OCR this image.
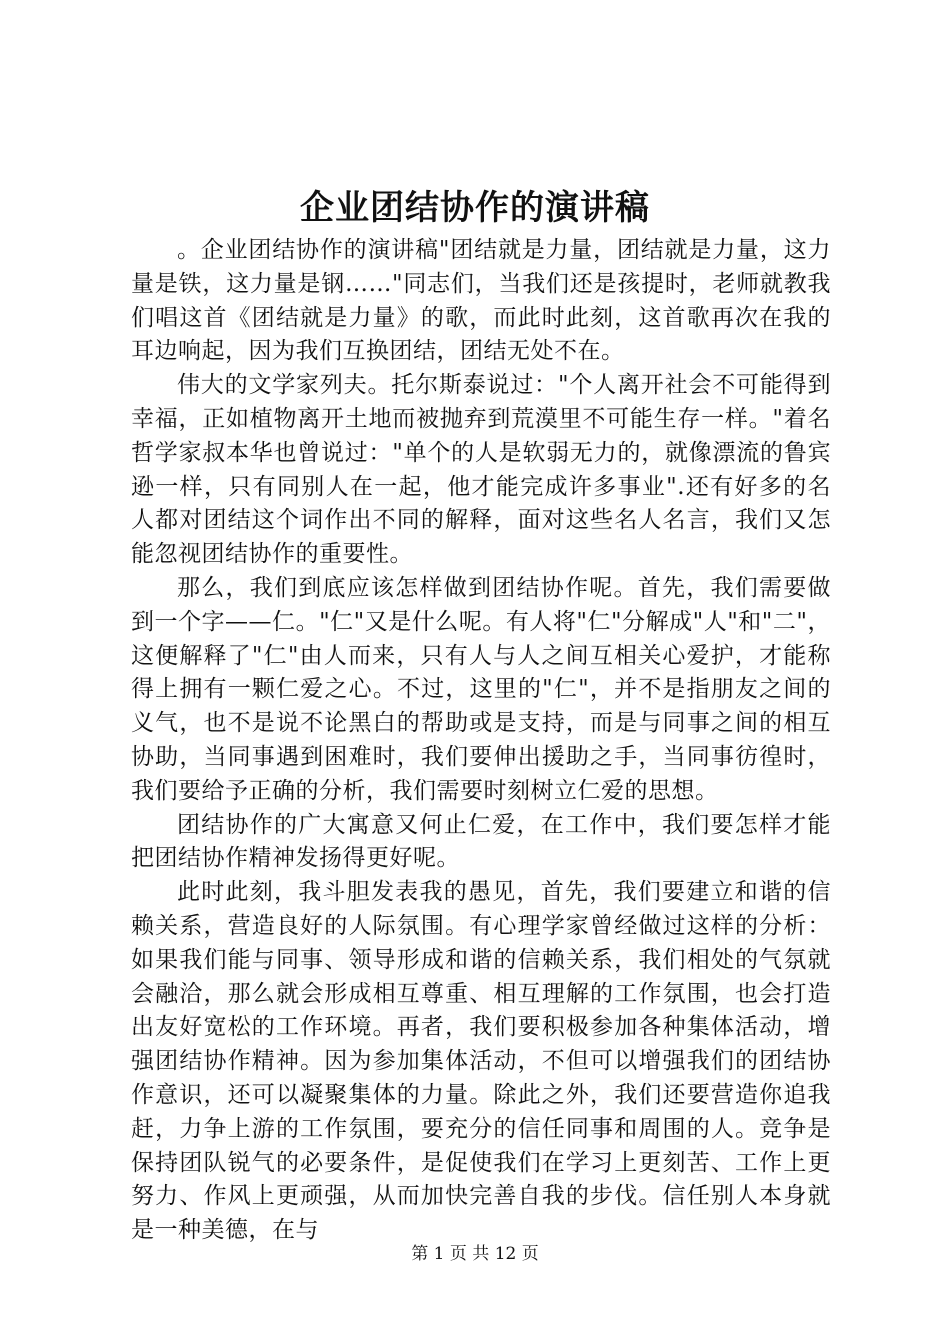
企业团结协作的演讲稿

。企业团结协作的演讲稿"团结就是力量，团结就是力量，这力量是铁，这力量是钢……"同志们，当我们还是孩提时，老师就教我们唱这首《团结就是力量》的歌，而此时此刻，这首歌再次在我的耳边响起，因为我们互换团结，团结无处不在。

伟大的文学家列夫。托尔斯泰说过："个人离开社会不可能得到幸福，正如植物离开土地而被抛弃到荒漠里不可能生存一样。"着名哲学家叔本华也曾说过："单个的人是软弱无力的，就像漂流的鲁宾逊一样，只有同别人在一起，他才能完成许多事业".还有好多的名人都对团结这个词作出不同的解释，面对这些名人名言，我们又怎能忽视团结协作的重要性。

那么，我们到底应该怎样做到团结协作呢。首先，我们需要做到一个字——仁。"仁"又是什么呢。有人将"仁"分解成"人"和"二"，这便解释了"仁"由人而来，只有人与人之间互相关心爱护，才能称得上拥有一颗仁爱之心。不过，这里的"仁"，并不是指朋友之间的义气，也不是说不论黑白的帮助或是支持，而是与同事之间的相互协助，当同事遇到困难时，我们要伸出援助之手，当同事彷徨时，我们要给予正确的分析，我们需要时刻树立仁爱的思想。

团结协作的广大寓意又何止仁爱，在工作中，我们要怎样才能把团结协作精神发扬得更好呢。

此时此刻，我斗胆发表我的愚见，首先，我们要建立和谐的信赖关系，营造良好的人际氛围。有心理学家曾经做过这样的分析：如果我们能与同事、领导形成和谐的信赖关系，我们相处的气氛就会融洽，那么就会形成相互尊重、相互理解的工作氛围，也会打造出友好宽松的工作环境。再者，我们要积极参加各种集体活动，增强团结协作精神。因为参加集体活动，不但可以增强我们的团结协作意识，还可以凝聚集体的力量。除此之外，我们还要营造你追我赶，力争上游的工作氛围，要充分的信任同事和周围的人。竞争是保持团队锐气的必要条件，是促使我们在学习上更刻苦、工作上更努力、作风上更顽强，从而加快完善自我的步伐。信任别人本身就是一种美德，在与

第 1 页 共 12 页
